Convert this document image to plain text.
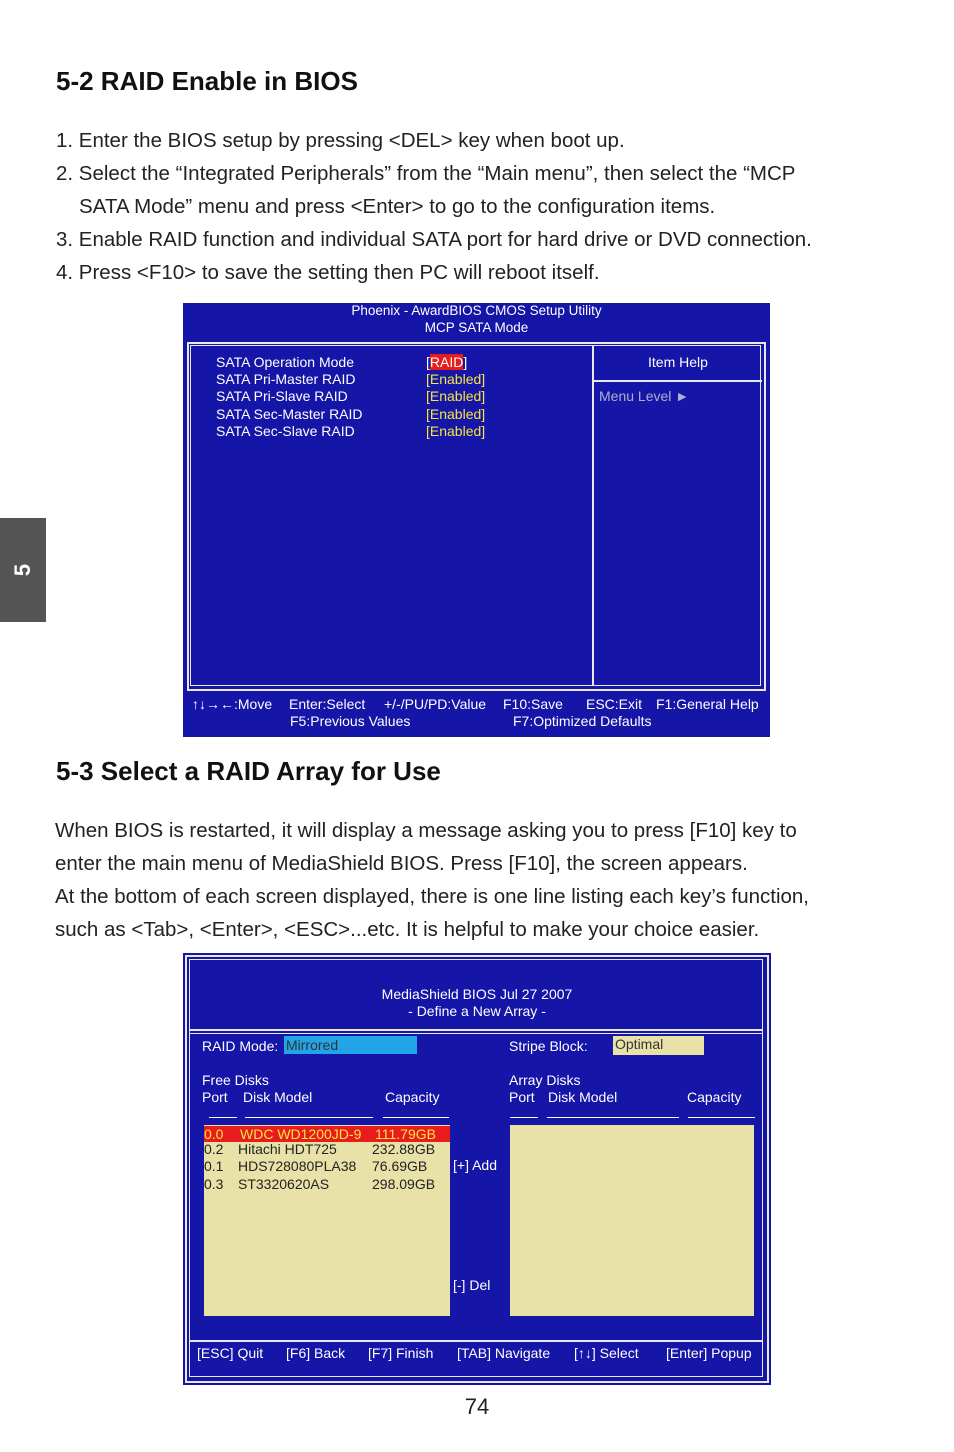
5
5-2 RAID Enable in BIOS
1. Enter the BIOS setup by pressing <DEL> key when boot up.
2. Select the “Integrated Peripherals” from the “Main menu”, then select the “MCP
SATA Mode” menu and press <Enter> to go to the configuration items.
3. Enable RAID function and individual SATA port for hard drive or DVD connection.
4. Press <F10> to save the setting then PC will reboot itself.
Phoenix - AwardBIOS CMOS Setup Utility
MCP SATA Mode
SATA Operation Mode	[RAID]
SATA Pri-Master RAID	[Enabled]
SATA Pri-Slave RAID	[Enabled]
SATA Sec-Master RAID	[Enabled]
SATA Sec-Slave RAID	[Enabled]
Item Help
Menu Level ►
↑↓→←:Move Enter:Select +/-/PU/PD:Value F10:Save ESC:Exit F1:General Help
F5:Previous Values	F7:Optimized Defaults
5-3 Select a RAID Array for Use
When BIOS is restarted, it will display a message asking you to press [F10] key to
enter the main menu of MediaShield BIOS. Press [F10], the screen appears.
At the bottom of each screen displayed, there is one line listing each key’s function,
such as <Tab>, <Enter>, <ESC>...etc. It is helpful to make your choice easier.
MediaShield BIOS Jul 27 2007
- Define a New Array -
RAID Mode: Mirrored	Stripe Block: Optimal
Free Disks
Port Disk Model	Capacity
Array Disks
Port Disk Model	Capacity
0.0 WDC WD1200JD-9 111.79GB
0.2 Hitachi HDT725	232.88GB
0.1 HDS728080PLA38 76.69GB
0.3 ST3320620AS	298.09GB
[+] Add
[-] Del
[ESC] Quit [F6] Back [F7] Finish [TAB] Navigate [↑↓] Select [Enter] Popup
74
